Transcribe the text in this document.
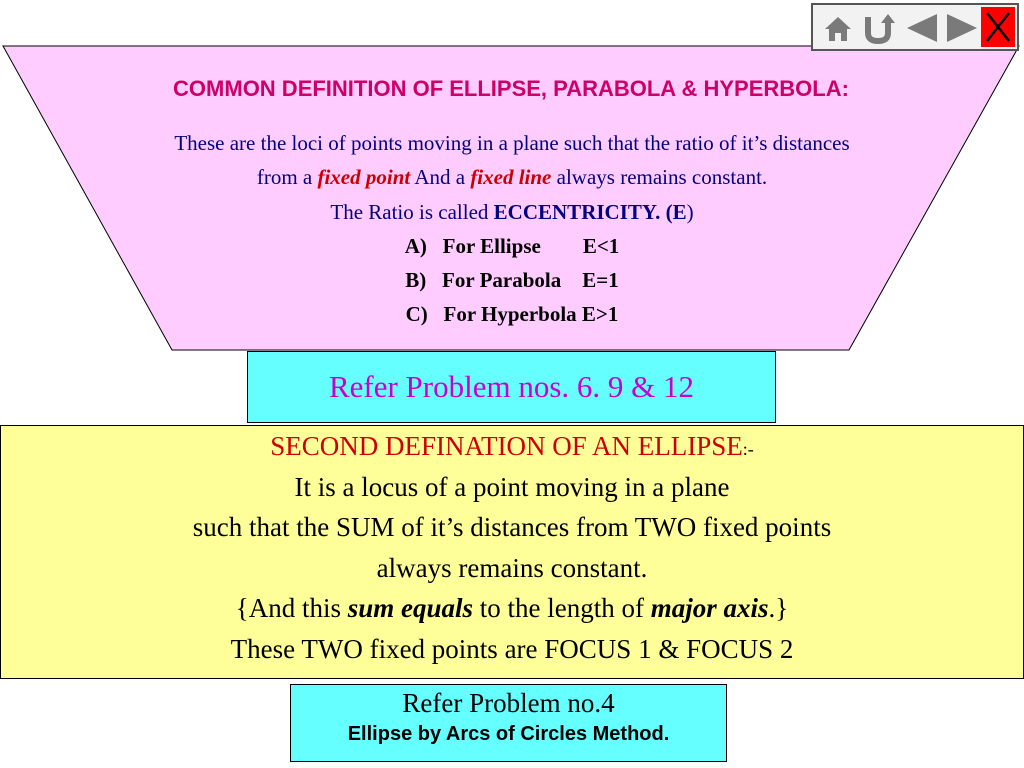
COMMON DEFINITION OF ELLIPSE, PARABOLA & HYPERBOLA:
These are the loci of points moving in a plane such that the ratio of it’s distances
from a fixed point And a fixed line always remains constant.
The Ratio is called ECCENTRICITY. (E)
A)   For Ellipse        E<1
B)   For Parabola    E=1
C)   For Hyperbola E>1
Refer Problem nos. 6. 9 & 12
SECOND DEFINATION OF AN ELLIPSE:-
It is a locus of a point moving in a plane
such that the SUM of it’s distances from TWO fixed points
always remains constant.
{And this sum equals to the length of major axis.}
These TWO fixed points are FOCUS 1 & FOCUS 2
Refer Problem no.4
Ellipse by Arcs of Circles Method.
